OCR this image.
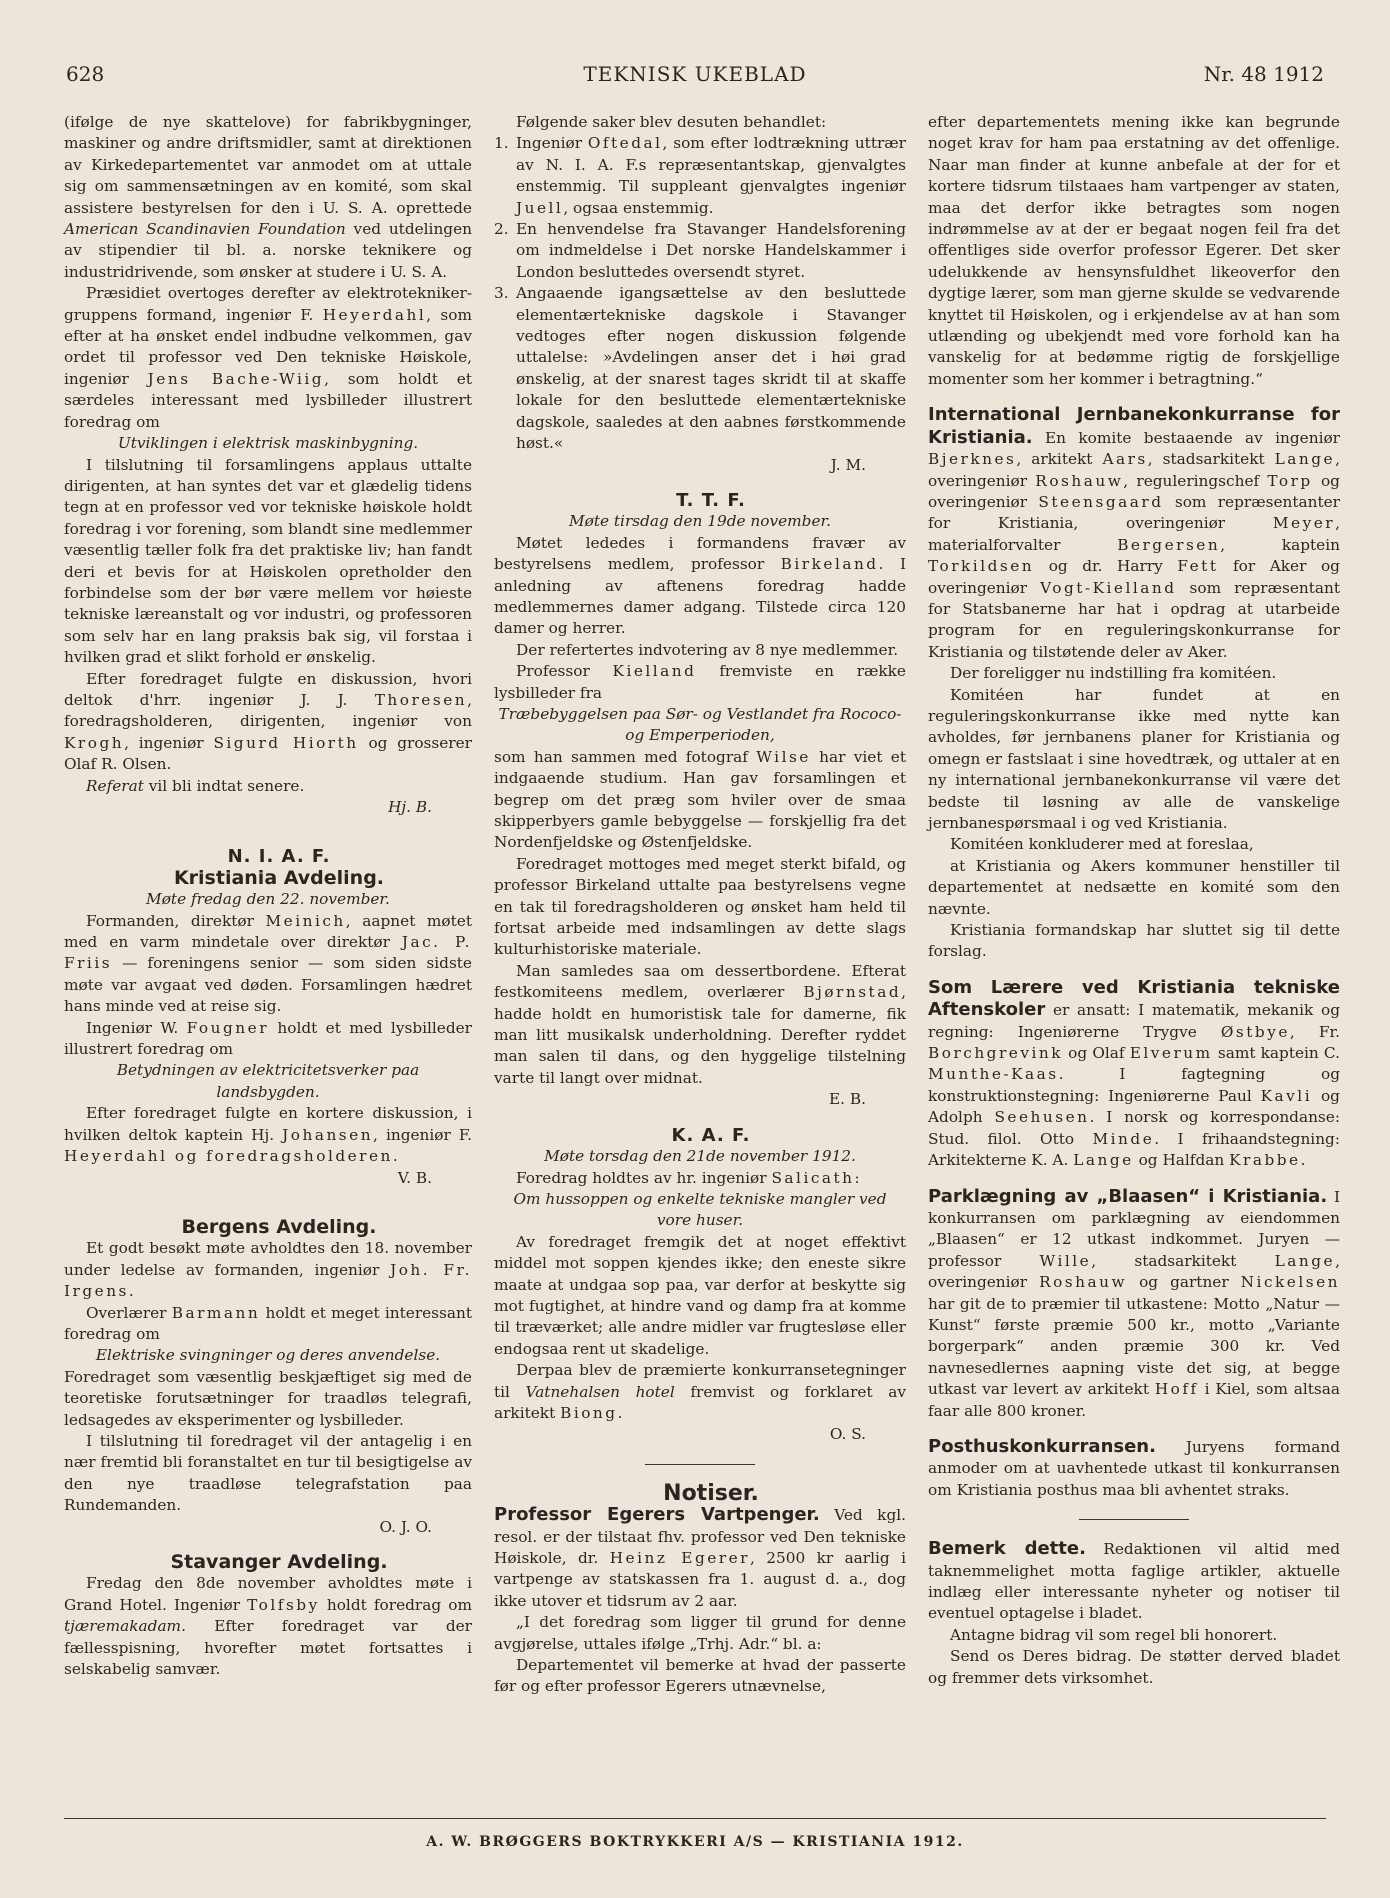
628	TEKNISK UKEBLAD	Nr. 48 1912

(ifølge de nye skattelove) for fabrikbygninger, maskiner og andre driftsmidler, samt at direktionen av Kirkedepartementet var anmodet om at uttale sig om sammensætningen av en komité, som skal assistere bestyrelsen for den i U. S. A. oprettede American Scandinavien Foundation ved utdelingen av stipendier til bl. a. norske teknikere og industridrivende, som ønsker at studere i U. S. A.

Præsidiet overtoges derefter av elektrotekniker-gruppens formand, ingeniør F. Heyerdahl, som efter at ha ønsket endel indbudne velkommen, gav ordet til professor ved Den tekniske Høiskole, ingeniør Jens Bache-Wiig, som holdt et særdeles interessant med lysbilleder illustrert foredrag om

Utviklingen i elektrisk maskinbygning.

I tilslutning til forsamlingens applaus uttalte dirigenten, at han syntes det var et glædelig tidens tegn at en professor ved vor tekniske høiskole holdt foredrag i vor forening, som blandt sine medlemmer væsentlig tæller folk fra det praktiske liv; han fandt deri et bevis for at Høiskolen opretholder den forbindelse som der bør være mellem vor høieste tekniske læreanstalt og vor industri, og professoren som selv har en lang praksis bak sig, vil forstaa i hvilken grad et slikt forhold er ønskelig.

Efter foredraget fulgte en diskussion, hvori deltok d'hrr. ingeniør J. J. Thoresen, foredragsholderen, dirigenten, ingeniør von Krogh, ingeniør Sigurd Hiorth og grosserer Olaf R. Olsen.

Referat vil bli indtat senere.

Hj. B.

N. I. A. F.

Kristiania Avdeling.

Møte fredag den 22. november.

Formanden, direktør Meinich, aapnet møtet med en varm mindetale over direktør Jac. P. Friis — foreningens senior — som siden sidste møte var avgaat ved døden. Forsamlingen hædret hans minde ved at reise sig.

Ingeniør W. Fougner holdt et med lysbilleder illustrert foredrag om

Betydningen av elektricitetsverker paa landsbygden.

Efter foredraget fulgte en kortere diskussion, i hvilken deltok kaptein Hj. Johansen, ingeniør F. Heyerdahl og foredragsholderen.

V. B.

Bergens Avdeling.

Et godt besøkt møte avholdtes den 18. november under ledelse av formanden, ingeniør Joh. Fr. Irgens.

Overlærer Barmann holdt et meget interessant foredrag om

Elektriske svingninger og deres anvendelse.

Foredraget som væsentlig beskjæftiget sig med de teoretiske forutsætninger for traadløs telegrafi, ledsagedes av eksperimenter og lysbilleder.

I tilslutning til foredraget vil der antagelig i en nær fremtid bli foranstaltet en tur til besigtigelse av den nye traadløse telegrafstation paa Rundemanden.

O. J. O.

Stavanger Avdeling.

Fredag den 8de november avholdtes møte i Grand Hotel. Ingeniør Tolfsby holdt foredrag om tjæremakadam. Efter foredraget var der fællesspisning, hvorefter møtet fortsattes i selskabelig samvær.

Følgende saker blev desuten behandlet:

1. Ingeniør Oftedal, som efter lodtrækning uttrær av N. I. A. F.s repræsentantskap, gjenvalgtes enstemmig. Til suppleant gjenvalgtes ingeniør Juell, ogsaa enstemmig.
2. En henvendelse fra Stavanger Handelsforening om indmeldelse i Det norske Handelskammer i London besluttedes oversendt styret.
3. Angaaende igangsættelse av den besluttede elementærtekniske dagskole i Stavanger vedtoges efter nogen diskussion følgende uttalelse: »Avdelingen anser det i høi grad ønskelig, at der snarest tages skridt til at skaffe lokale for den besluttede elementærtekniske dagskole, saaledes at den aabnes førstkommende høst.«

J. M.

T. T. F.

Møte tirsdag den 19de november.

Møtet lededes i formandens fravær av bestyrelsens medlem, professor Birkeland. I anledning av aftenens foredrag hadde medlemmernes damer adgang. Tilstede circa 120 damer og herrer.

Der refertertes indvotering av 8 nye medlemmer.

Professor Kielland fremviste en række lysbilleder fra

Træbebyggelsen paa Sør- og Vestlandet fra Rococo- og Emperperioden,

som han sammen med fotograf Wilse har viet et indgaaende studium. Han gav forsamlingen et begrep om det præg som hviler over de smaa skipperbyers gamle bebyggelse — forskjellig fra det Nordenfjeldske og Østenfjeldske.

Foredraget mottoges med meget sterkt bifald, og professor Birkeland uttalte paa bestyrelsens vegne en tak til foredragsholderen og ønsket ham held til fortsat arbeide med indsamlingen av dette slags kulturhistoriske materiale.

Man samledes saa om dessertbordene. Efterat festkomiteens medlem, overlærer Bjørnstad, hadde holdt en humoristisk tale for damerne, fik man litt musikalsk underholdning. Derefter ryddet man salen til dans, og den hyggelige tilstelning varte til langt over midnat.

E. B.

K. A. F.

Møte torsdag den 21de november 1912.

Foredrag holdtes av hr. ingeniør Salicath:

Om hussoppen og enkelte tekniske mangler ved vore huser.

Av foredraget fremgik det at noget effektivt middel mot soppen kjendes ikke; den eneste sikre maate at undgaa sop paa, var derfor at beskytte sig mot fugtighet, at hindre vand og damp fra at komme til træværket; alle andre midler var frugtesløse eller endogsaa rent ut skadelige.

Derpaa blev de præmierte konkurransetegninger til Vatnehalsen hotel fremvist og forklaret av arkitekt Biong.

O. S.

Notiser.

Professor Egerers Vartpenger. Ved kgl. resol. er der tilstaat fhv. professor ved Den tekniske Høiskole, dr. Heinz Egerer, 2500 kr aarlig i vartpenge av statskassen fra 1. august d. a., dog ikke utover et tidsrum av 2 aar.

„I det foredrag som ligger til grund for denne avgjørelse, uttales ifølge „Trhj. Adr.“ bl. a:

Departementet vil bemerke at hvad der passerte før og efter professor Egerers utnævnelse,

efter departementets mening ikke kan begrunde noget krav for ham paa erstatning av det offenlige. Naar man finder at kunne anbefale at der for et kortere tidsrum tilstaaes ham vartpenger av staten, maa det derfor ikke betragtes som nogen indrømmelse av at der er begaat nogen feil fra det offentliges side overfor professor Egerer. Det sker udelukkende av hensynsfuldhet likeoverfor den dygtige lærer, som man gjerne skulde se vedvarende knyttet til Høiskolen, og i erkjendelse av at han som utlænding og ubekjendt med vore forhold kan ha vanskelig for at bedømme rigtig de forskjellige momenter som her kommer i betragtning.“

International Jernbanekonkurranse for Kristiania. En komite bestaaende av ingeniør Bjerknes, arkitekt Aars, stadsarkitekt Lange, overingeniør Roshauw, reguleringschef Torp og overingeniør Steensgaard som repræsentanter for Kristiania, overingeniør	Meyer, materialforvalter	Bergersen, kaptein Torkildsen og dr. Harry Fett for Aker og overingeniør Vogt-Kielland som repræsentant for Statsbanerne har hat i opdrag at utarbeide program for en reguleringskonkurranse for Kristiania og tilstøtende deler av Aker.

Der foreligger nu indstilling fra komitéen.

Komitéen har fundet at en reguleringskonkurranse ikke med nytte kan avholdes, før jernbanens planer for Kristiania og omegn er fastslaat i sine hovedtræk, og uttaler at en ny international jernbanekonkurranse vil være det bedste til løsning av alle de vanskelige jernbanespørsmaal i og ved Kristiania.

Komitéen konkluderer med at foreslaa,

at Kristiania og Akers kommuner henstiller til departementet at nedsætte en komité som den nævnte.

Kristiania formandskap har sluttet sig til dette forslag.

Som Lærere ved Kristiania tekniske Aftenskoler er ansatt: I matematik, mekanik og regning: Ingeniørerne Trygve Østbye, Fr. Borchgrevink og Olaf Elverum samt kaptein C. Munthe-Kaas. I fagtegning og konstruktionstegning: Ingeniørerne Paul Kavli og Adolph Seehusen. I norsk og korrespondanse: Stud. filol. Otto Minde. I frihaandstegning: Arkitekterne K. A. Lange og Halfdan Krabbe.

Parklægning av „Blaasen“ i Kristiania. I konkurransen om parklægning av eiendommen „Blaasen“ er 12 utkast indkommet. Juryen — professor	Wille, stadsarkitekt	Lange, overingeniør Roshauw og gartner Nickelsen har git de to præmier til utkastene: Motto „Natur — Kunst“ første præmie 500 kr., motto „Variante borgerpark“ anden præmie 300 kr. Ved navnesedlernes aapning viste det sig, at begge utkast var levert av arkitekt Hoff i Kiel, som altsaa faar alle 800 kroner.

Posthuskonkurransen. Juryens formand anmoder om at uavhentede utkast til konkurransen om Kristiania posthus maa bli avhentet straks.

Bemerk dette. Redaktionen vil altid med taknemmelighet motta faglige artikler, aktuelle indlæg eller interessante nyheter og notiser til eventuel optagelse i bladet.

Antagne bidrag vil som regel bli honorert.

Send os Deres bidrag. De støtter derved bladet og fremmer dets virksomhet.

A. W. BRØGGERS BOKTRYKKERI A/S — KRISTIANIA 1912.
